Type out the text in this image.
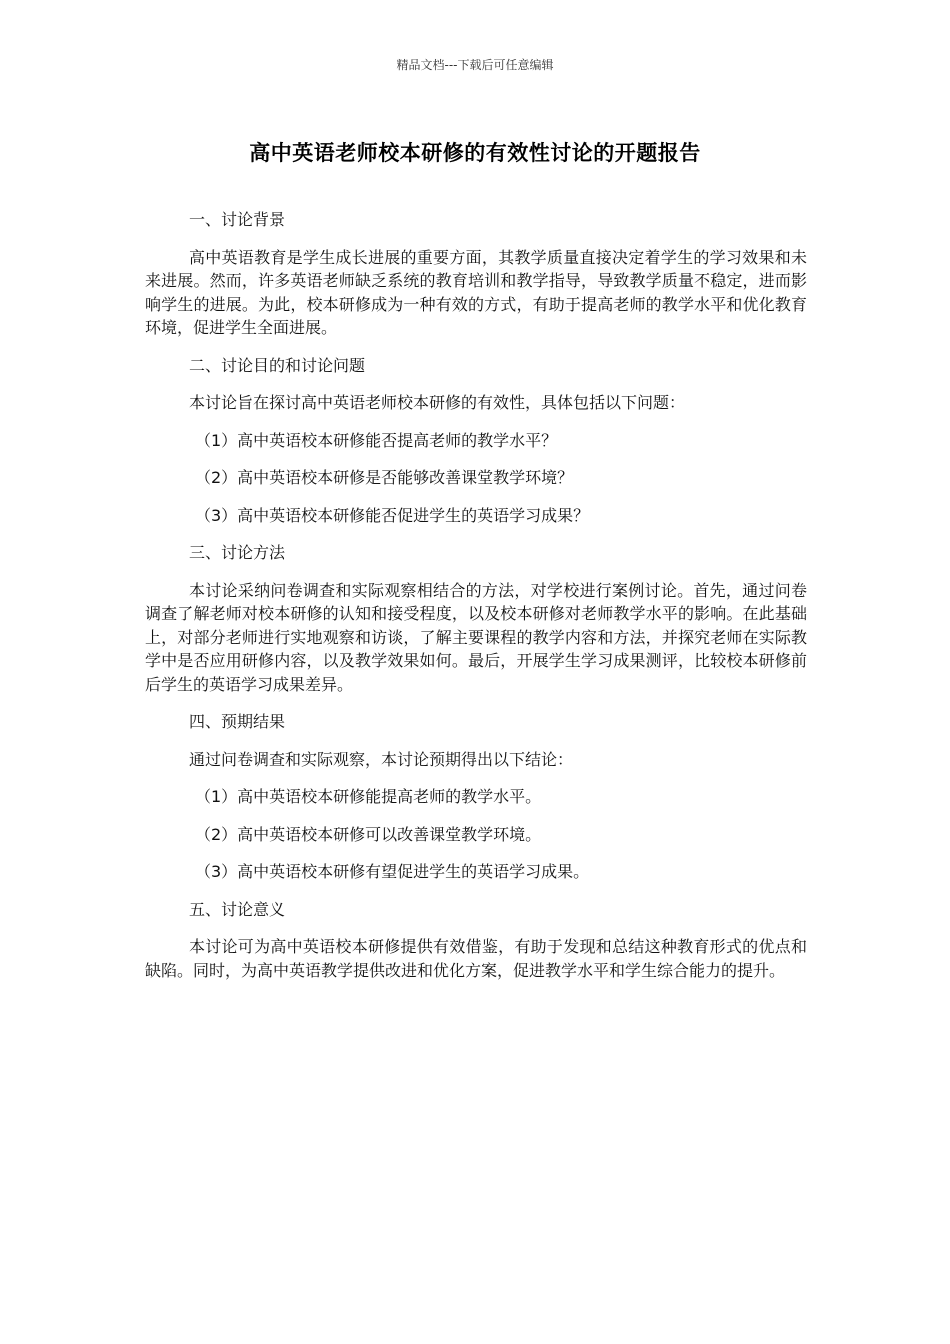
精品文档---下载后可任意编辑
高中英语老师校本研修的有效性讨论的开题报告

一、讨论背景

高中英语教育是学生成长进展的重要方面，其教学质量直接决定着学生的学习效果和未来进展。然而，许多英语老师缺乏系统的教育培训和教学指导，导致教学质量不稳定，进而影响学生的进展。为此，校本研修成为一种有效的方式，有助于提高老师的教学水平和优化教育环境，促进学生全面进展。

二、讨论目的和讨论问题

本讨论旨在探讨高中英语老师校本研修的有效性，具体包括以下问题：

（1）高中英语校本研修能否提高老师的教学水平？

（2）高中英语校本研修是否能够改善课堂教学环境？

（3）高中英语校本研修能否促进学生的英语学习成果？

三、讨论方法

本讨论采纳问卷调查和实际观察相结合的方法，对学校进行案例讨论。首先，通过问卷调查了解老师对校本研修的认知和接受程度，以及校本研修对老师教学水平的影响。在此基础上，对部分老师进行实地观察和访谈，了解主要课程的教学内容和方法，并探究老师在实际教学中是否应用研修内容，以及教学效果如何。最后，开展学生学习成果测评，比较校本研修前后学生的英语学习成果差异。

四、预期结果

通过问卷调查和实际观察，本讨论预期得出以下结论：

（1）高中英语校本研修能提高老师的教学水平。

（2）高中英语校本研修可以改善课堂教学环境。

（3）高中英语校本研修有望促进学生的英语学习成果。

五、讨论意义

本讨论可为高中英语校本研修提供有效借鉴，有助于发现和总结这种教育形式的优点和缺陷。同时，为高中英语教学提供改进和优化方案，促进教学水平和学生综合能力的提升。
